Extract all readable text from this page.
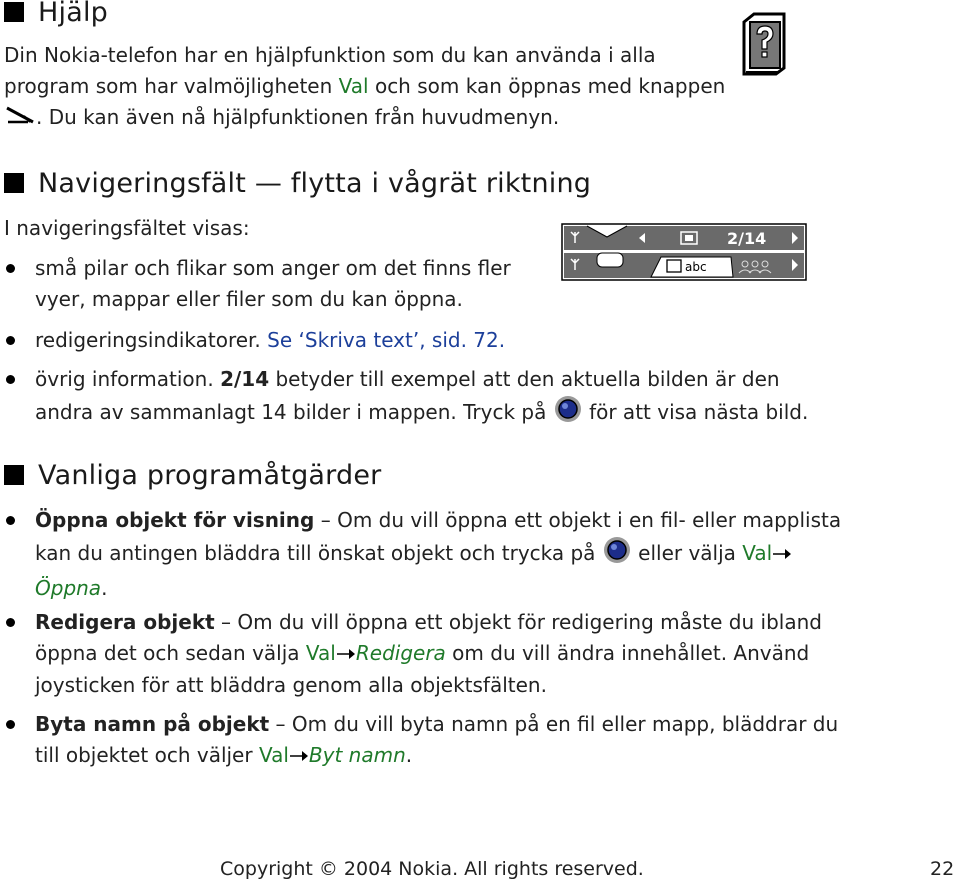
Hjälp
Din Nokia-telefon har en hjälpfunktion som du kan använda i alla
program som har valmöjligheten Val och som kan öppnas med knappen
. Du kan även nå hjälpfunktionen från huvudmenyn.
Navigeringsfält — flytta i vågrät riktning
I navigeringsfältet visas:	2/14
abc
små pilar och flikar som anger om det finns fler
vyer, mappar eller filer som du kan öppna.
redigeringsindikatorer. Se ‘Skriva text’, sid. 72.
övrig information. 2/14 betyder till exempel att den aktuella bilden är den
andra av sammanlagt 14 bilder i mappen. Tryck på  för att visa nästa bild.
Vanliga programåtgärder
Öppna objekt för visning – Om du vill öppna ett objekt i en fil- eller mapplista
kan du antingen bläddra till önskat objekt och trycka på  eller välja Val
Öppna.
Redigera objekt – Om du vill öppna ett objekt för redigering måste du ibland
öppna det och sedan välja Val Redigera om du vill ändra innehållet. Använd
joysticken för att bläddra genom alla objektsfälten.
Byta namn på objekt – Om du vill byta namn på en fil eller mapp, bläddrar du
till objektet och väljer Val Byt namn.
Copyright © 2004 Nokia. All rights reserved.	22
